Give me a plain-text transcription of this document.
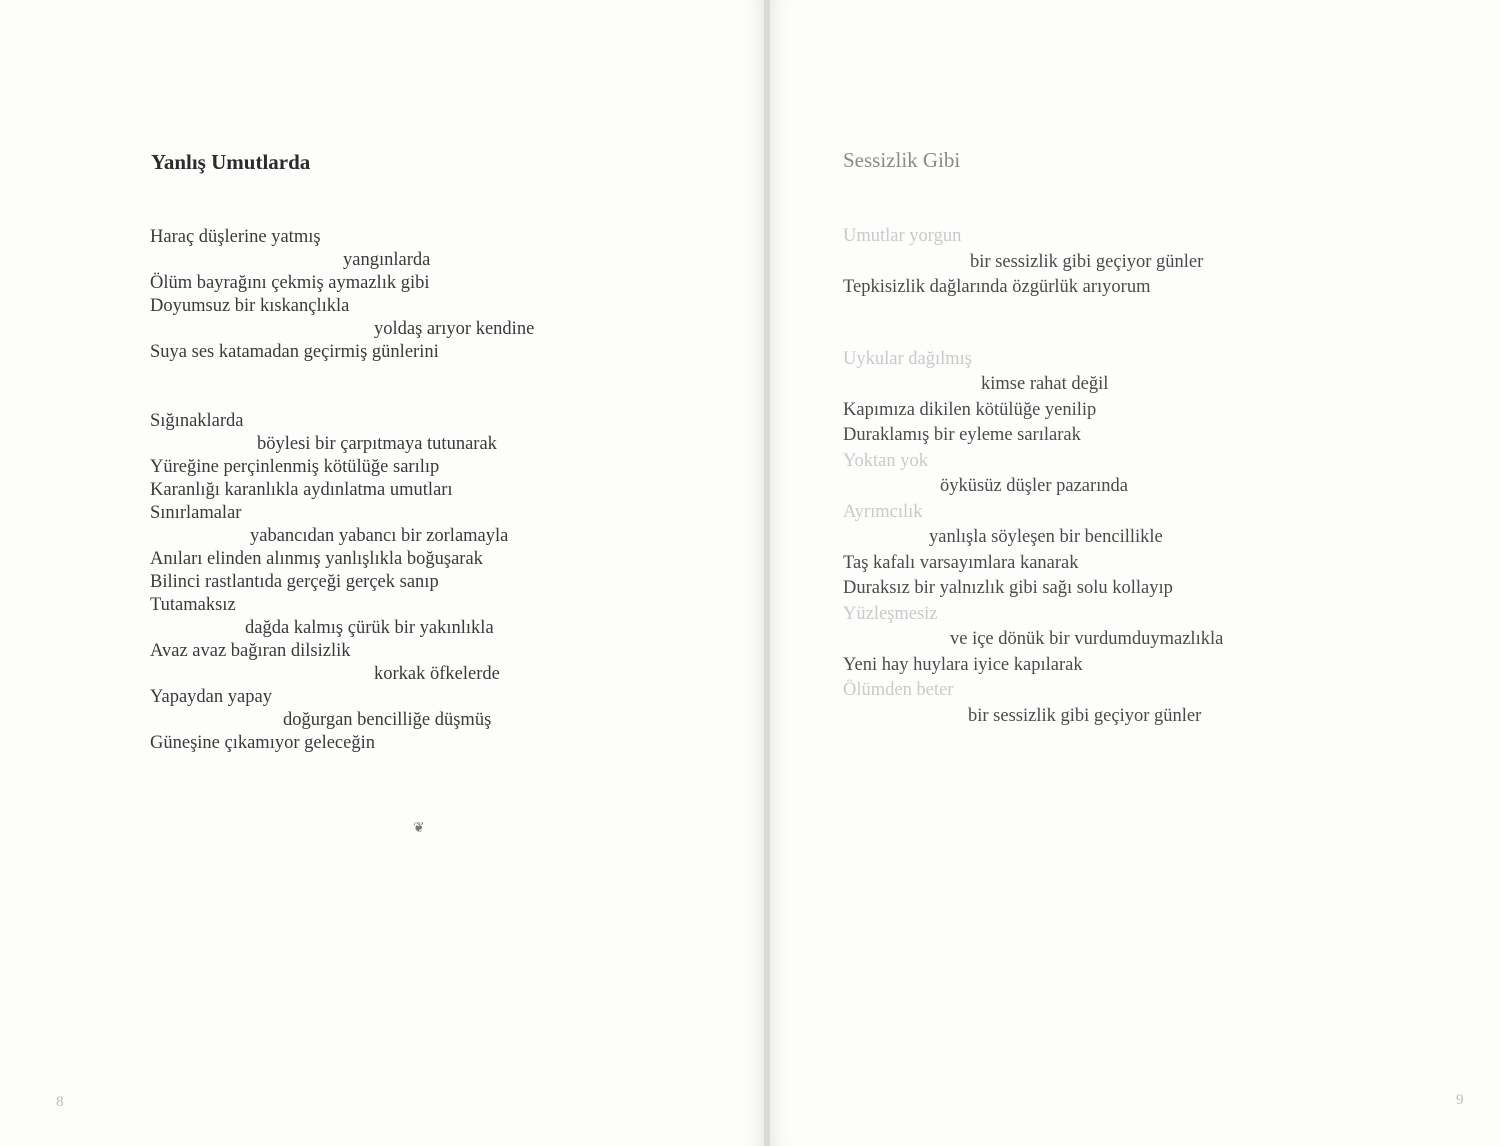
Yanlış Umutlarda
Haraç düşlerine yatmış
yangınlarda
Ölüm bayrağını çekmiş aymazlık gibi
Doyumsuz bir kıskançlıkla
yoldaş arıyor kendine
Suya ses katamadan geçirmiş günlerini
Sığınaklarda
böylesi bir çarpıtmaya tutunarak
Yüreğine perçinlenmiş kötülüğe sarılıp
Karanlığı karanlıkla aydınlatma umutları
Sınırlamalar
yabancıdan yabancı bir zorlamayla
Anıları elinden alınmış yanlışlıkla boğuşarak
Bilinci rastlantıda gerçeği gerçek sanıp
Tutamaksız
dağda kalmış çürük bir yakınlıkla
Avaz avaz bağıran dilsizlik
korkak öfkelerde
Yapaydan yapay
doğurgan bencilliğe düşmüş
Güneşine çıkamıyor geleceğin
❦
8
Sessizlik Gibi
Umutlar yorgun
bir sessizlik gibi geçiyor günler
Tepkisizlik dağlarında özgürlük arıyorum
Uykular dağılmış
kimse rahat değil
Kapımıza dikilen kötülüğe yenilip
Duraklamış bir eyleme sarılarak
Yoktan yok
öyküsüz düşler pazarında
Ayrımcılık
yanlışla söyleşen bir bencillikle
Taş kafalı varsayımlara kanarak
Duraksız bir yalnızlık gibi sağı solu kollayıp
Yüzleşmesiz
ve içe dönük bir vurdumduymazlıkla
Yeni hay huylara iyice kapılarak
Ölümden beter
bir sessizlik gibi geçiyor günler
9
